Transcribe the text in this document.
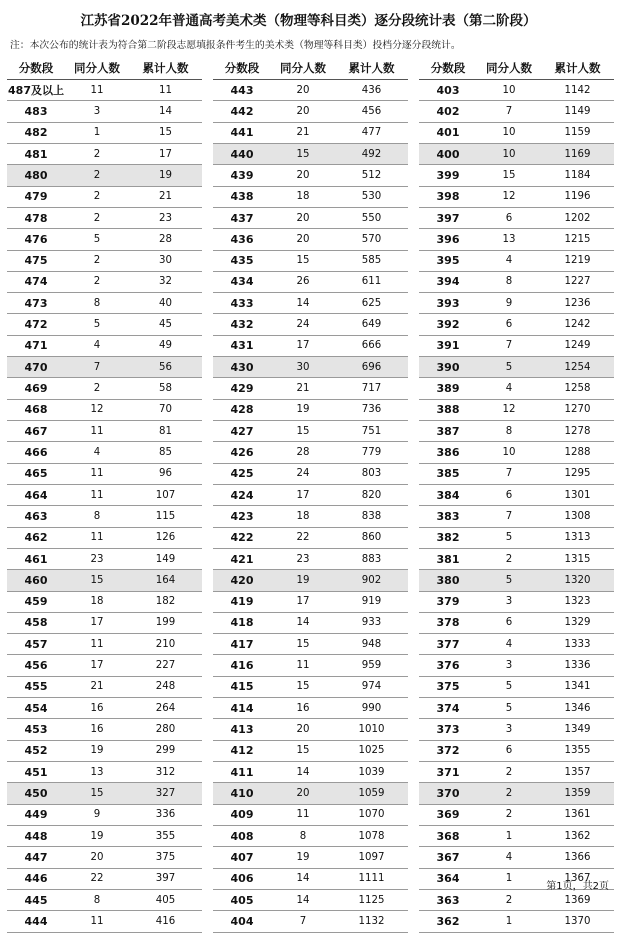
江苏省2022年普通高考美术类（物理等科目类）逐分段统计表（第二阶段）
注：本次公布的统计表为符合第二阶段志愿填报条件考生的美术类（物理等科目类）投档分逐分段统计。
分数段	同分人数	累计人数
487及以上	11	11
483	3	14
482	1	15
481	2	17
480	2	19
479	2	21
478	2	23
476	5	28
475	2	30
474	2	32
473	8	40
472	5	45
471	4	49
470	7	56
469	2	58
468	12	70
467	11	81
466	4	85
465	11	96
464	11	107
463	8	115
462	11	126
461	23	149
460	15	164
459	18	182
458	17	199
457	11	210
456	17	227
455	21	248
454	16	264
453	16	280
452	19	299
451	13	312
450	15	327
449	9	336
448	19	355
447	20	375
446	22	397
445	8	405
444	11	416
分数段	同分人数	累计人数
443	20	436
442	20	456
441	21	477
440	15	492
439	20	512
438	18	530
437	20	550
436	20	570
435	15	585
434	26	611
433	14	625
432	24	649
431	17	666
430	30	696
429	21	717
428	19	736
427	15	751
426	28	779
425	24	803
424	17	820
423	18	838
422	22	860
421	23	883
420	19	902
419	17	919
418	14	933
417	15	948
416	11	959
415	15	974
414	16	990
413	20	1010
412	15	1025
411	14	1039
410	20	1059
409	11	1070
408	8	1078
407	19	1097
406	14	1111
405	14	1125
404	7	1132
分数段	同分人数	累计人数
403	10	1142
402	7	1149
401	10	1159
400	10	1169
399	15	1184
398	12	1196
397	6	1202
396	13	1215
395	4	1219
394	8	1227
393	9	1236
392	6	1242
391	7	1249
390	5	1254
389	4	1258
388	12	1270
387	8	1278
386	10	1288
385	7	1295
384	6	1301
383	7	1308
382	5	1313
381	2	1315
380	5	1320
379	3	1323
378	6	1329
377	4	1333
376	3	1336
375	5	1341
374	5	1346
373	3	1349
372	6	1355
371	2	1357
370	2	1359
369	2	1361
368	1	1362
367	4	1366
364	1	1367
363	2	1369
362	1	1370
第1页，共2页
